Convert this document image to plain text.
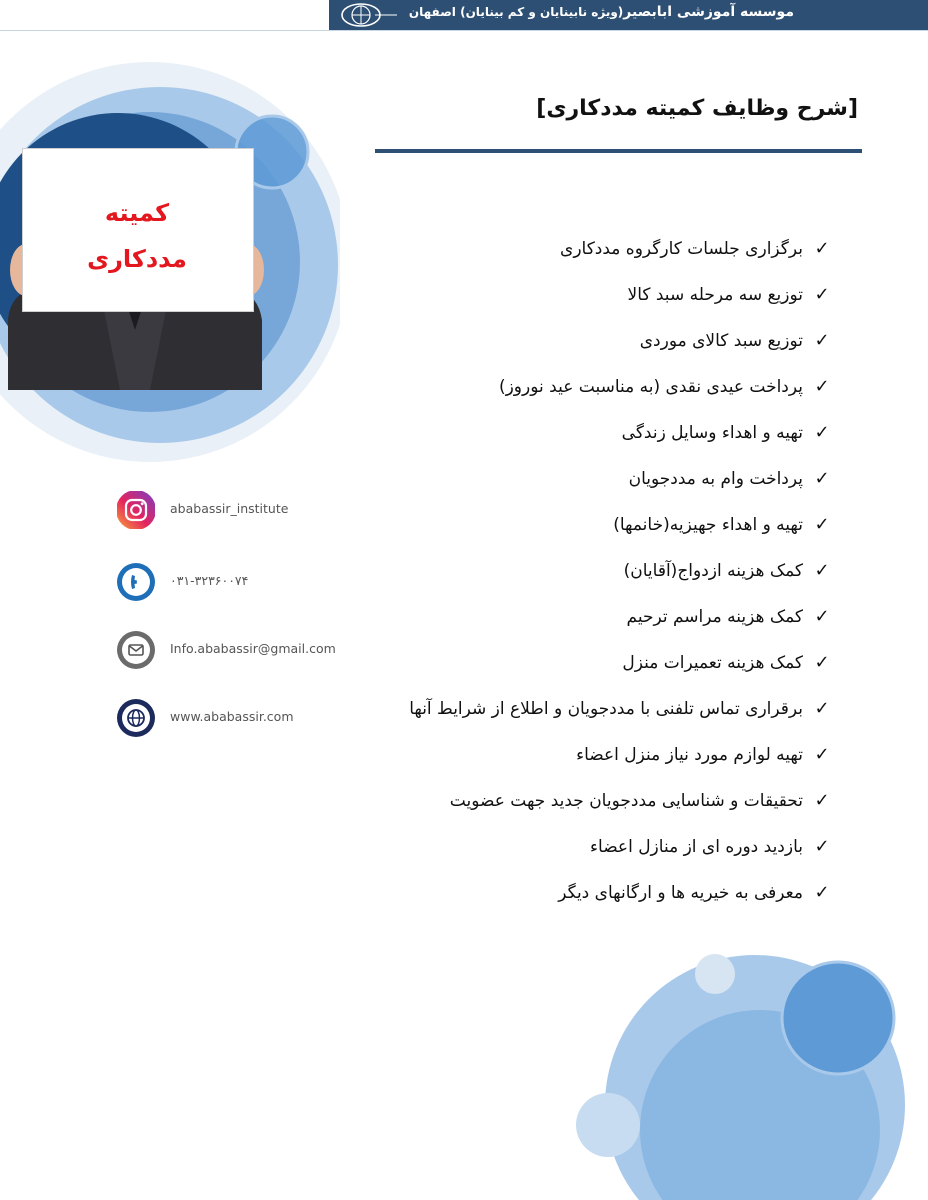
موسسه آموزشی ابابصیر(ویژه نابینایان و کم بینایان) اصفهان
کمیته
مددکاری
[شرح وظایف کمیته مددکاری]
✓
برگزاری جلسات کارگروه مددکاری
✓
توزیع سه مرحله سبد کالا
✓
توزیع سبد کالای موردی
✓
پرداخت عیدی نقدی (به مناسبت عید نوروز)
✓
تهیه و اهداء وسایل زندگی
✓
پرداخت وام به مددجویان
✓
تهیه و اهداء جهیزیه(خانمها)
✓
کمک هزینه ازدواج(آقایان)
✓
کمک هزینه مراسم ترحیم
✓
کمک هزینه تعمیرات منزل
✓
برقراری تماس تلفنی با مددجویان و اطلاع از شرایط آنها
✓
تهیه لوازم مورد نیاز منزل اعضاء
✓
تحقیقات و شناسایی مددجویان جدید جهت عضویت
✓
بازدید دوره ای از منازل اعضاء
✓
معرفی به خیریه ها و ارگانهای دیگر
ababassir_institute
۰۳۱-۳۲۳۶۰۰۷۴
Info.ababassir@gmail.com
www.ababassir.com
